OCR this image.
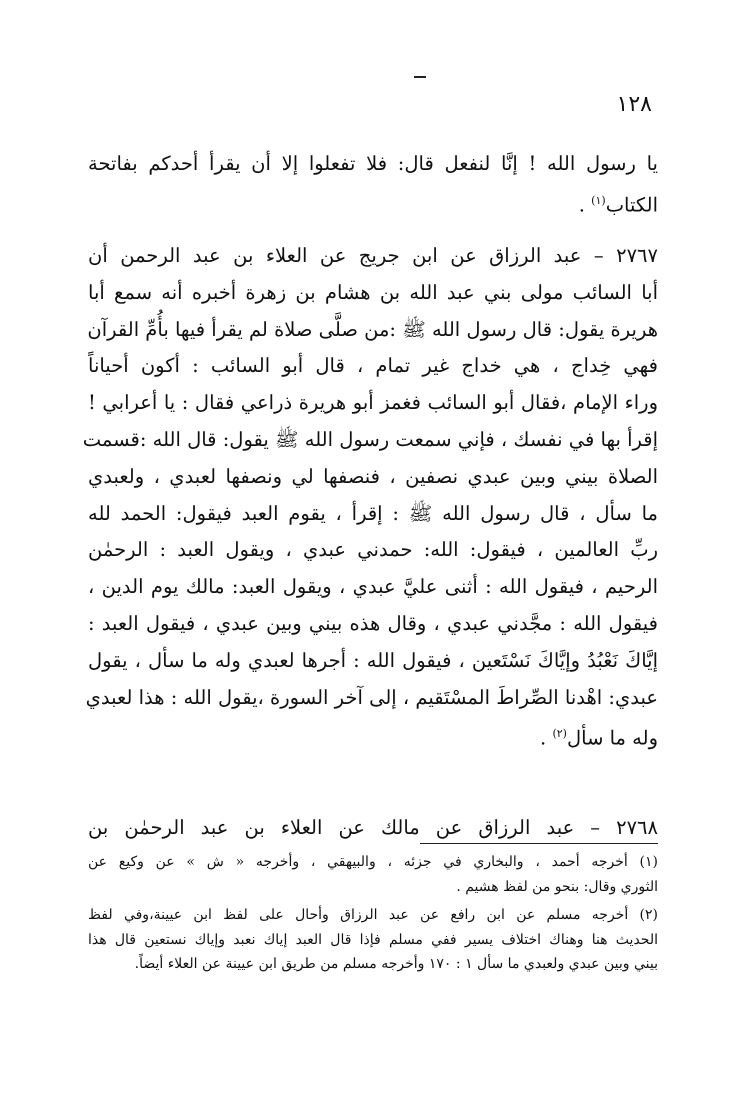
١٢٨
يا رسول الله ! إنَّا لنفعل قال: فلا تفعلوا إلا أن يقرأ أحدكم بفاتحة
الكتاب$^{(١)}$ .
٢٧٦٧ – عبد الرزاق عن ابن جريج عن العلاء بن عبد الرحمن أن
أبا السائب مولى بني عبد الله بن هشام بن زهرة أخبره أنه سمع أبا
هريرة يقول: قال رسول الله ﷺ :من صلَّى صلاة لم يقرأ فيها بأُمِّ القرآن
فهي خِداج ، هي خداج غير تمام ، قال أبو السائب : أكون أحياناً
وراء الإمام ،فقال أبو السائب فغمز أبو هريرة ذراعي فقال : يا أعرابي !
إقرأ بها في نفسك ، فإني سمعت رسول الله ﷺ يقول: قال الله :قسمت
الصلاة بيني وبين عبدي نصفين ، فنصفها لي ونصفها لعبدي ، ولعبدي
ما سأل ، قال رسول الله ﷺ : إقرأ ، يقوم العبد فيقول: الحمد لله
ربِّ العالمين ، فيقول: الله: حمدني عبدي ، ويقول العبد : الرحمٰن
الرحيم ، فيقول الله : أثنى عليَّ عبدي ، ويقول العبد: مالك يوم الدين ،
فيقول الله : مجَّدني عبدي ، وقال هذه بيني وبين عبدي ، فيقول العبد :
إيَّاكَ نَعْبُدُ وإيَّاكَ نَسْتَعين ، فيقول الله : أجرها لعبدي وله ما سأل ، يقول
عبدي: اهْدنا الصِّراطَ المسْتَقيم ، إلى آخر السورة ،يقول الله : هذا لعبدي
وله ما سأل$^{(٢)}$ .
٢٧٦٨ – عبد الرزاق عن مالك عن العلاء بن عبد الرحمٰن بن
(١) أخرجه أحمد ، والبخاري في جزئه ، والبيهقي ، وأخرجه « ش » عن وكيع عن
الثوري وقال: بنحو من لفظ هشيم .
(٢) أخرجه مسلم عن ابن رافع عن عبد الرزاق وأحال على لفظ ابن عيينة،وفي لفظ
الحديث هنا وهناك اختلاف يسير ففي مسلم فإذا قال العبد إياك نعبد وإياك نستعين قال هذا
بيني وبين عبدي ولعبدي ما سأل ١ : ١٧٠ وأخرجه مسلم من طريق ابن عيينة عن العلاء أيضاً.
